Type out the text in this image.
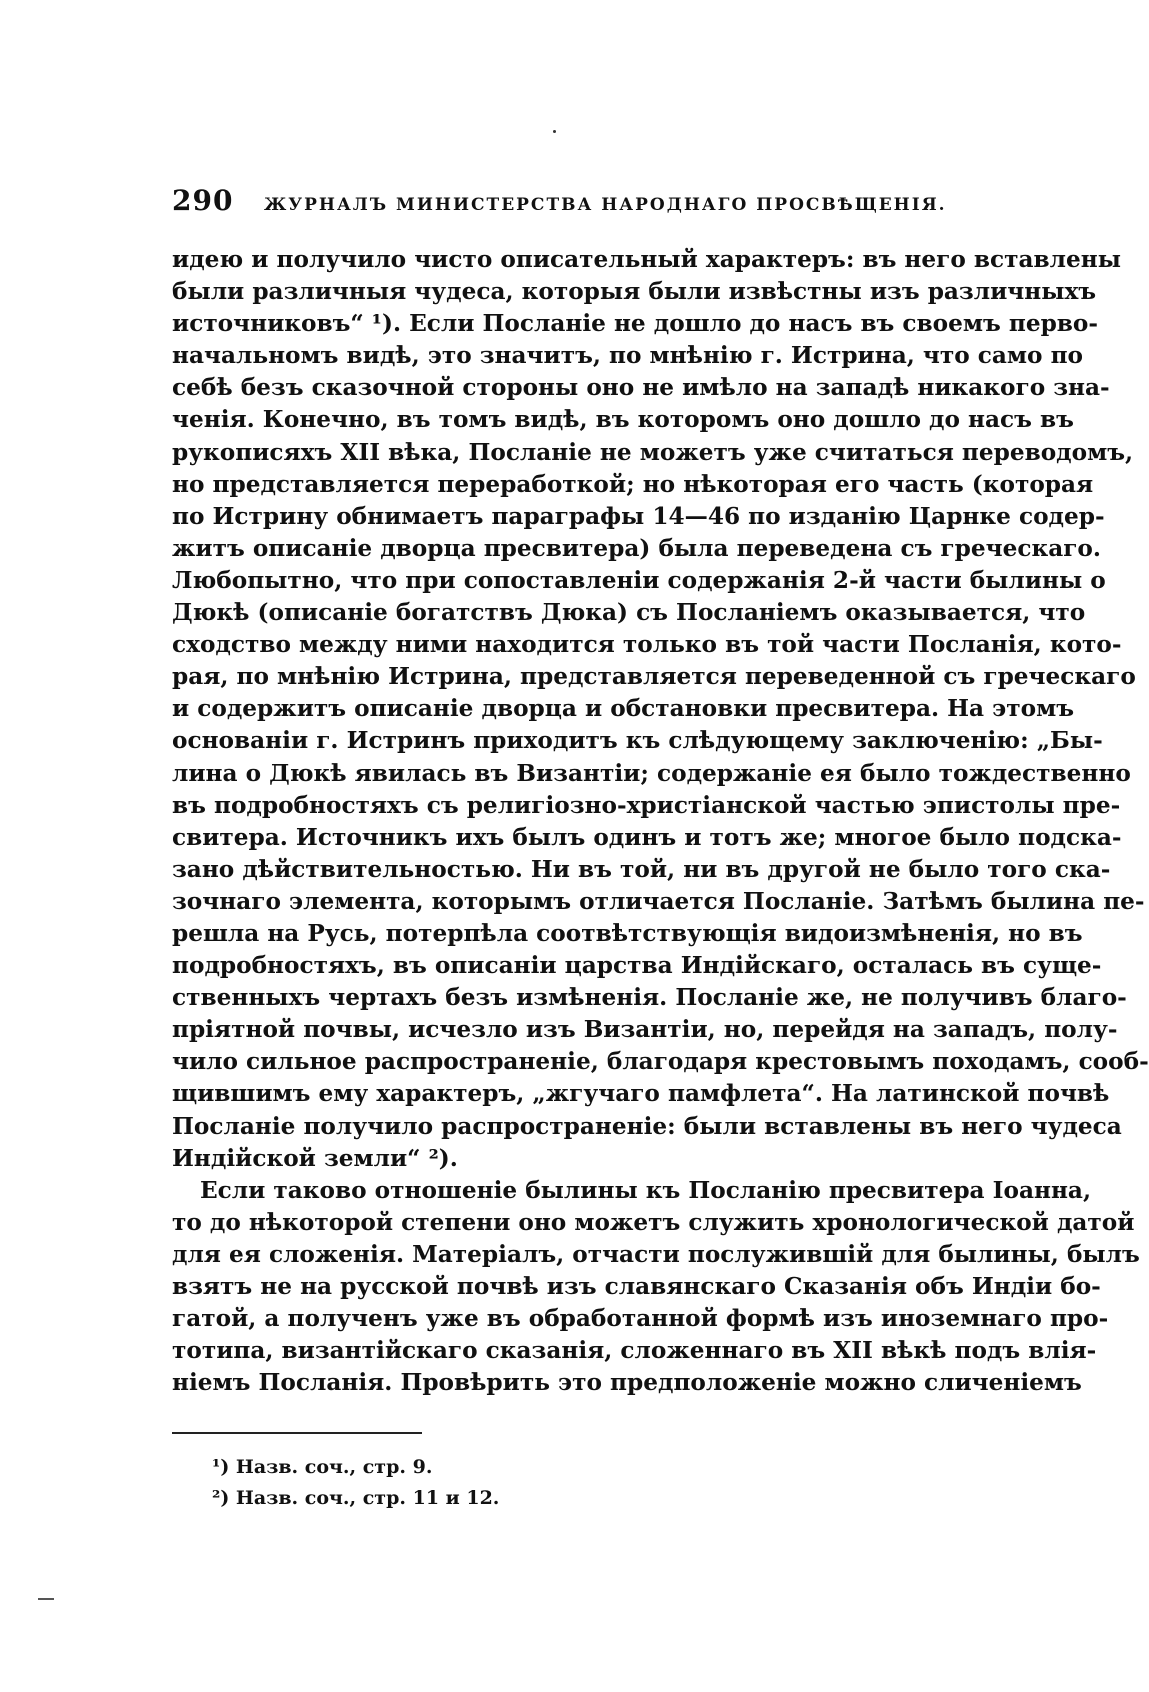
290	ЖУРНАЛЪ МИНИСТЕРСТВА НАРОДНАГО ПРОСВѢЩЕНІЯ.
идею и получило чисто описательный характеръ: въ него вставлены
были различныя чудеса, которыя были извѣстны изъ различныхъ
источниковъ“ ¹). Если Посланіе не дошло до насъ въ своемъ перво-
начальномъ видѣ, это значитъ, по мнѣнію г. Истрина, что само по
себѣ безъ сказочной стороны оно не имѣло на западѣ никакого зна-
ченія. Конечно, въ томъ видѣ, въ которомъ оно дошло до насъ въ
рукописяхъ XII вѣка, Посланіе не можетъ уже считаться переводомъ,
но представляется переработкой; но нѣкоторая его часть (которая
по Истрину обнимаетъ параграфы 14—46 по изданію Царнке содер-
житъ описаніе дворца пресвитера) была переведена съ греческаго.
Любопытно, что при сопоставленіи содержанія 2-й части былины о
Дюкѣ (описаніе богатствъ Дюка) съ Посланіемъ оказывается, что
сходство между ними находится только въ той части Посланія, кото-
рая, по мнѣнію Истрина, представляется переведенной съ греческаго
и содержитъ описаніе дворца и обстановки пресвитера. На этомъ
основаніи г. Истринъ приходитъ къ слѣдующему заключенію: „Бы-
лина о Дюкѣ явилась въ Византіи; содержаніе ея было тождественно
въ подробностяхъ съ религіозно-христіанской частью эпистолы пре-
свитера. Источникъ ихъ былъ одинъ и тотъ же; многое было подска-
зано дѣйствительностью. Ни въ той, ни въ другой не было того ска-
зочнаго элемента, которымъ отличается Посланіе. Затѣмъ былина пе-
решла на Русь, потерпѣла соотвѣтствующія видоизмѣненія, но въ
подробностяхъ, въ описаніи царства Индійскаго, осталась въ суще-
ственныхъ чертахъ безъ измѣненія. Посланіе же, не получивъ благо-
пріятной почвы, исчезло изъ Византіи, но, перейдя на западъ, полу-
чило сильное распространеніе, благодаря крестовымъ походамъ, сооб-
щившимъ ему характеръ, „жгучаго памфлета“. На латинской почвѣ
Посланіе получило распространеніе: были вставлены въ него чудеса
Индійской земли“ ²).
Если таково отношеніе былины къ Посланію пресвитера Іоанна,
то до нѣкоторой степени оно можетъ служить хронологической датой
для ея сложенія. Матеріалъ, отчасти послужившій для былины, былъ
взятъ не на русской почвѣ изъ славянскаго Сказанія объ Индіи бо-
гатой, а полученъ уже въ обработанной формѣ изъ иноземнаго про-
тотипа, византійскаго сказанія, сложеннаго въ XII вѣкѣ подъ влія-
ніемъ Посланія. Провѣрить это предположеніе можно сличеніемъ
¹) Назв. соч., стр. 9.
²) Назв. соч., стр. 11 и 12.
